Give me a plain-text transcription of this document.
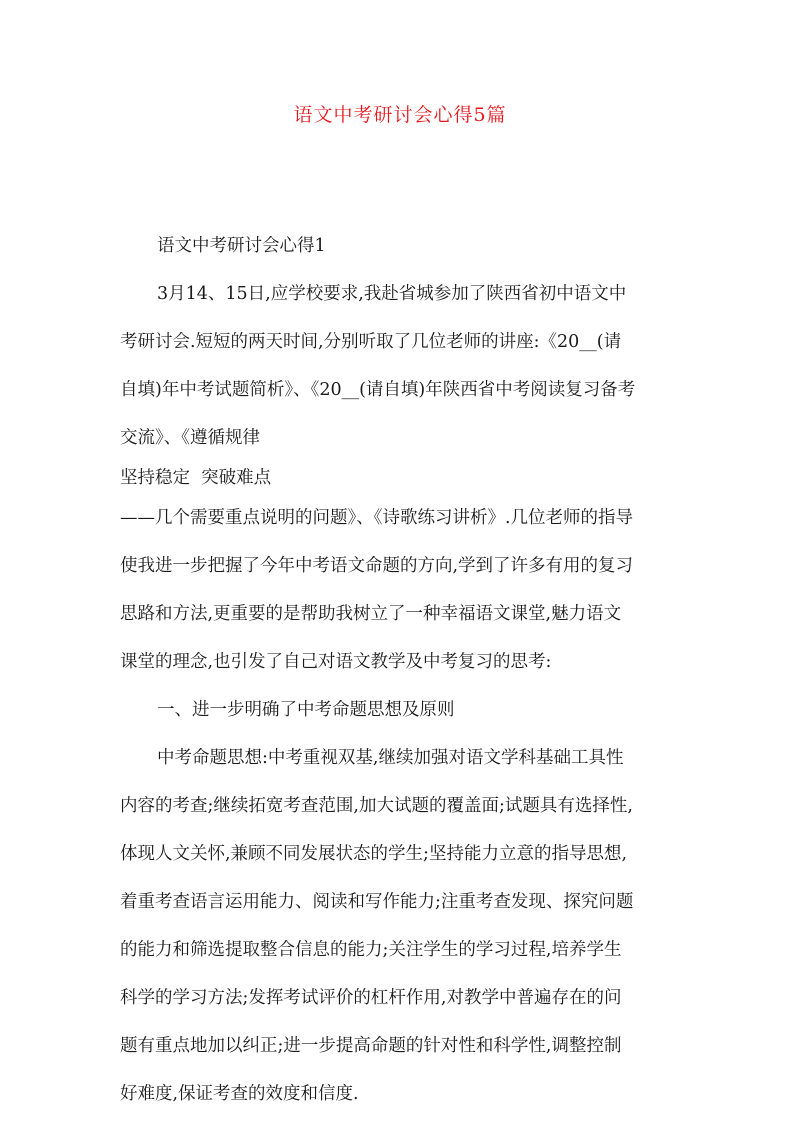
语文中考研讨会心得5篇

语文中考研讨会心得1

3月14、15日,应学校要求,我赴省城参加了陕西省初中语文中
考研讨会.短短的两天时间,分别听取了几位老师的讲座:《20__(请
自填)年中考试题简析》、《20__(请自填)年陕西省中考阅读复习备考
交流》、《遵循规律

坚持稳定  突破难点

——几个需要重点说明的问题》、《诗歌练习讲析》.几位老师的指导
使我进一步把握了今年中考语文命题的方向,学到了许多有用的复习
思路和方法,更重要的是帮助我树立了一种幸福语文课堂,魅力语文
课堂的理念,也引发了自己对语文教学及中考复习的思考:

一、进一步明确了中考命题思想及原则

中考命题思想:中考重视双基,继续加强对语文学科基础工具性
内容的考查;继续拓宽考查范围,加大试题的覆盖面;试题具有选择性,
体现人文关怀,兼顾不同发展状态的学生;坚持能力立意的指导思想,
着重考查语言运用能力、阅读和写作能力;注重考查发现、探究问题
的能力和筛选提取整合信息的能力;关注学生的学习过程,培养学生
科学的学习方法;发挥考试评价的杠杆作用,对教学中普遍存在的问
题有重点地加以纠正;进一步提高命题的针对性和科学性,调整控制
好难度,保证考查的效度和信度.
